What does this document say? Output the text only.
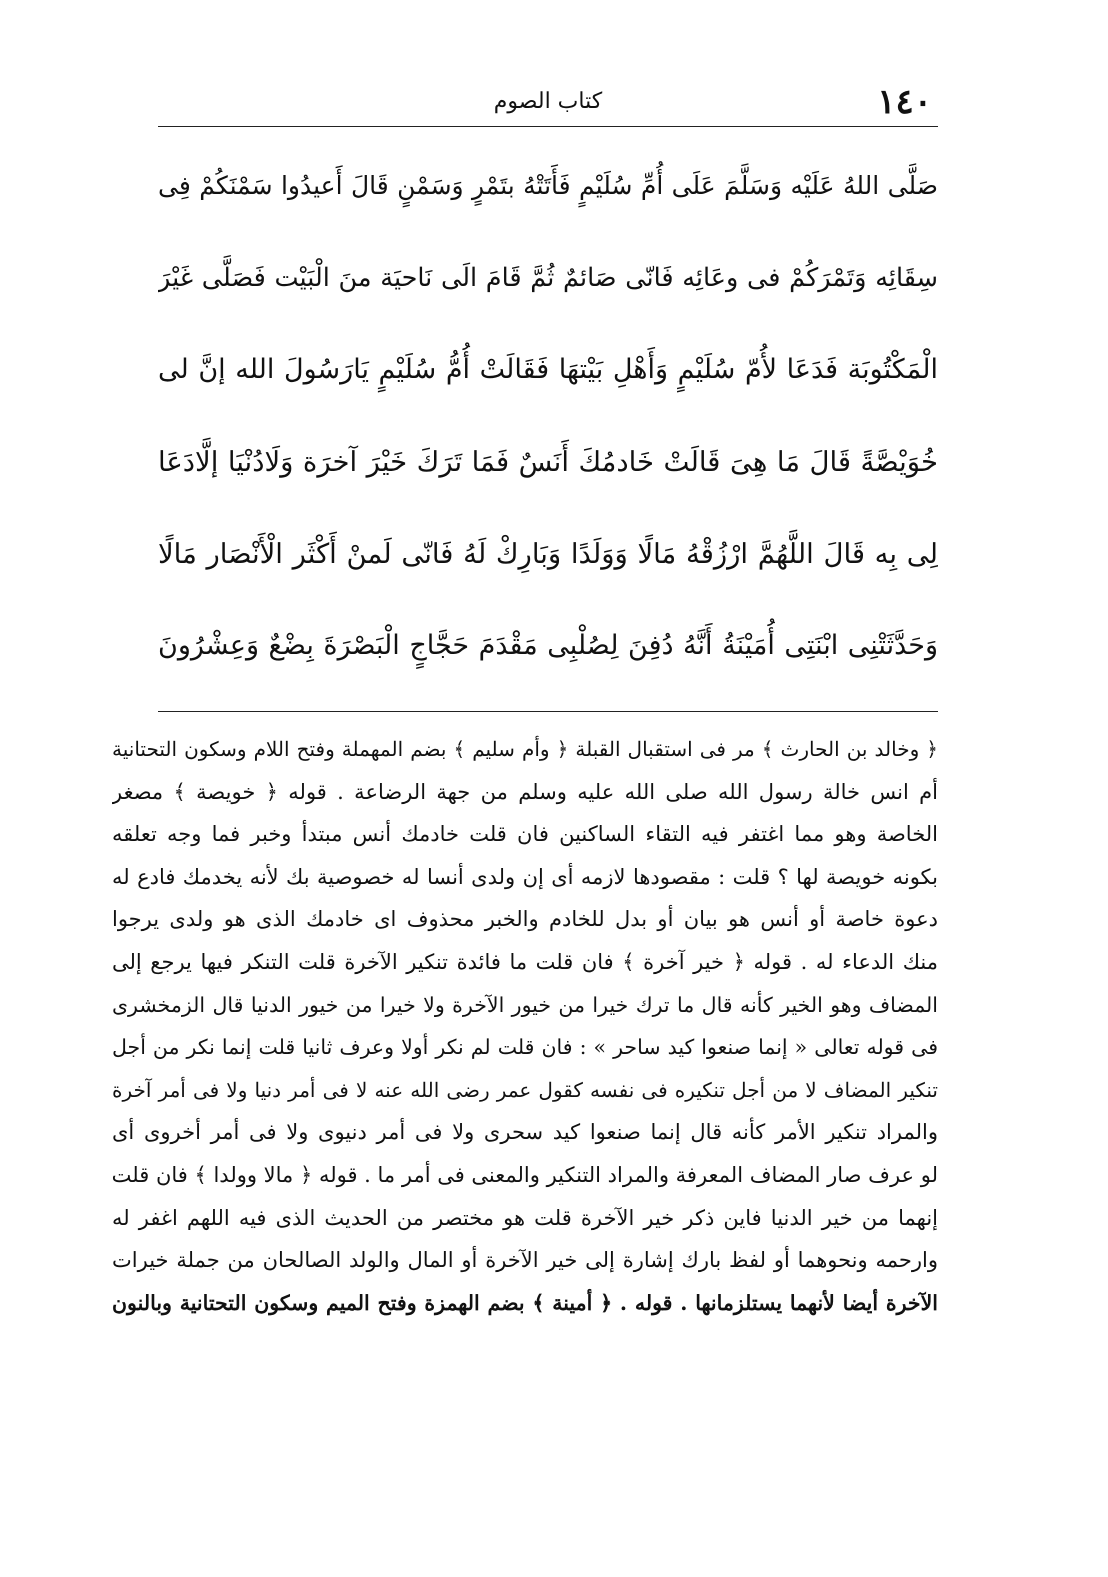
١٤٠
كتاب الصوم
صَلَّى اللهُ عَلَيْه وَسَلَّمَ عَلَى أُمِّ سُلَيْمٍ فَأَتَتْهُ بتَمْرٍ وَسَمْنٍ قَالَ أَعيدُوا سَمْنَكُمْ فِى
سِقَائِه وَتَمْرَكُمْ فى وعَائِه فَانّى صَائمٌ ثُمَّ قَامَ الَى نَاحيَة منَ الْبَيْت فَصَلَّى غَيْرَ
الْمَكْتُوبَة فَدَعَا لأُمّ سُلَيْمٍ وَأَهْلِ بَيْتهَا فَقَالَتْ أُمُّ سُلَيْمٍ يَارَسُولَ الله إنَّ لى
خُوَيْصَّةً قَالَ مَا هِىَ قَالَتْ خَادمُكَ أَنَسٌ فَمَا تَرَكَ خَيْرَ آخرَة وَلَادُنْيَا إلَّادَعَا
لِى بِه قَالَ اللَّهُمَّ ارْزُقْهُ مَالًا وَوَلَدًا وَبَارِكْ لَهُ فَانّى لَمنْ أَكْثَر الْأَنْصَار مَالًا
وَحَدَّثَتْنِى ابْنَتِى أُمَيْنَةُ أَنَّهُ دُفِنَ لِصُلْبِى مَقْدَمَ حَجَّاجٍ الْبَصْرَةَ بِضْعٌ وَعِشْرُونَ
﴿ وخالد بن الحارث ﴾ مر فى استقبال القبلة ﴿ وأم سليم ﴾ بضم المهملة وفتح اللام وسكون التحتانية
أم انس خالة رسول الله صلى الله عليه وسلم من جهة الرضاعة . قوله ﴿ خويصة ﴾ مصغر
الخاصة وهو مما اغتفر فيه التقاء الساكنين فان قلت خادمك أنس مبتدأ وخبر فما وجه تعلقه
بكونه خويصة لها ؟ قلت : مقصودها لازمه أى إن ولدى أنسا له خصوصية بك لأنه يخدمك فادع له
دعوة خاصة أو أنس هو بيان أو بدل للخادم والخبر محذوف اى خادمك الذى هو ولدى يرجوا
منك الدعاء له . قوله ﴿ خير آخرة ﴾ فان قلت ما فائدة تنكير الآخرة قلت التنكر فيها يرجع إلى
المضاف وهو الخير كأنه قال ما ترك خيرا من خيور الآخرة ولا خيرا من خيور الدنيا قال الزمخشرى
فى قوله تعالى « إنما صنعوا كيد ساحر » : فان قلت لم نكر أولا وعرف ثانيا قلت إنما نكر من أجل
تنكير المضاف لا من أجل تنكيره فى نفسه كقول عمر رضى الله عنه لا فى أمر دنيا ولا فى أمر آخرة
والمراد تنكير الأمر كأنه قال إنما صنعوا كيد سحرى ولا فى أمر دنيوى ولا فى أمر أخروى أى
لو عرف صار المضاف المعرفة والمراد التنكير والمعنى فى أمر ما . قوله ﴿ مالا وولدا ﴾ فان قلت
إنهما من خير الدنيا فاين ذكر خير الآخرة قلت هو مختصر من الحديث الذى فيه اللهم اغفر له
وارحمه ونحوهما أو لفظ بارك إشارة إلى خير الآخرة أو المال والولد الصالحان من جملة خيرات
الآخرة أيضا لأنهما يستلزمانها . قوله . ﴿ أمينة ﴾ بضم الهمزة وفتح الميم وسكون التحتانية وبالنون
